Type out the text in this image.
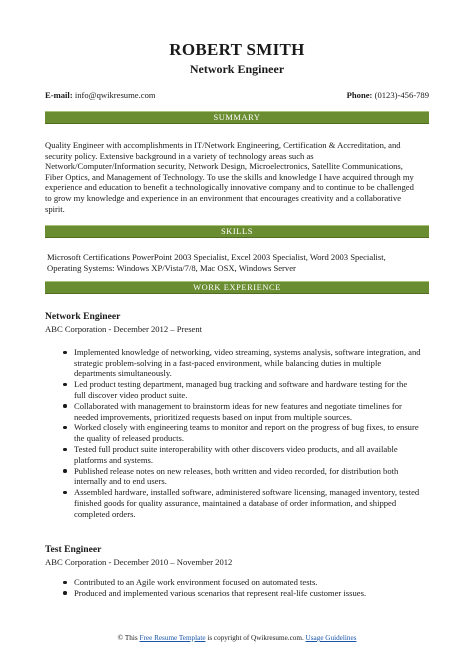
ROBERT SMITH
Network Engineer
E-mail: info@qwikresume.com	Phone: (0123)-456-789
SUMMARY
Quality Engineer with accomplishments in IT/Network Engineering, Certification & Accreditation, and
security policy. Extensive background in a variety of technology areas such as
Network/Computer/Information security, Network Design, Microelectronics, Satellite Communications,
Fiber Optics, and Management of Technology. To use the skills and knowledge I have acquired through my
experience and education to benefit a technologically innovative company and to continue to be challenged
to grow my knowledge and experience in an environment that encourages creativity and a collaborative
spirit.
SKILLS
Microsoft Certifications PowerPoint 2003 Specialist, Excel 2003 Specialist, Word 2003 Specialist,
Operating Systems: Windows XP/Vista/7/8, Mac OSX, Windows Server
WORK EXPERIENCE
Network Engineer
ABC Corporation - December 2012 – Present
Implemented knowledge of networking, video streaming, systems analysis, software integration, and
strategic problem-solving in a fast-paced environment, while balancing duties in multiple
departments simultaneously.
Led product testing department, managed bug tracking and software and hardware testing for the
full discover video product suite.
Collaborated with management to brainstorm ideas for new features and negotiate timelines for
needed improvements, prioritized requests based on input from multiple sources.
Worked closely with engineering teams to monitor and report on the progress of bug fixes, to ensure
the quality of released products.
Tested full product suite interoperability with other discovers video products, and all available
platforms and systems.
Published release notes on new releases, both written and video recorded, for distribution both
internally and to end users.
Assembled hardware, installed software, administered software licensing, managed inventory, tested
finished goods for quality assurance, maintained a database of order information, and shipped
completed orders.
Test Engineer
ABC Corporation - December 2010 – November 2012
Contributed to an Agile work environment focused on automated tests.
Produced and implemented various scenarios that represent real-life customer issues.
© This Free Resume Template is copyright of Qwikresume.com. Usage Guidelines
